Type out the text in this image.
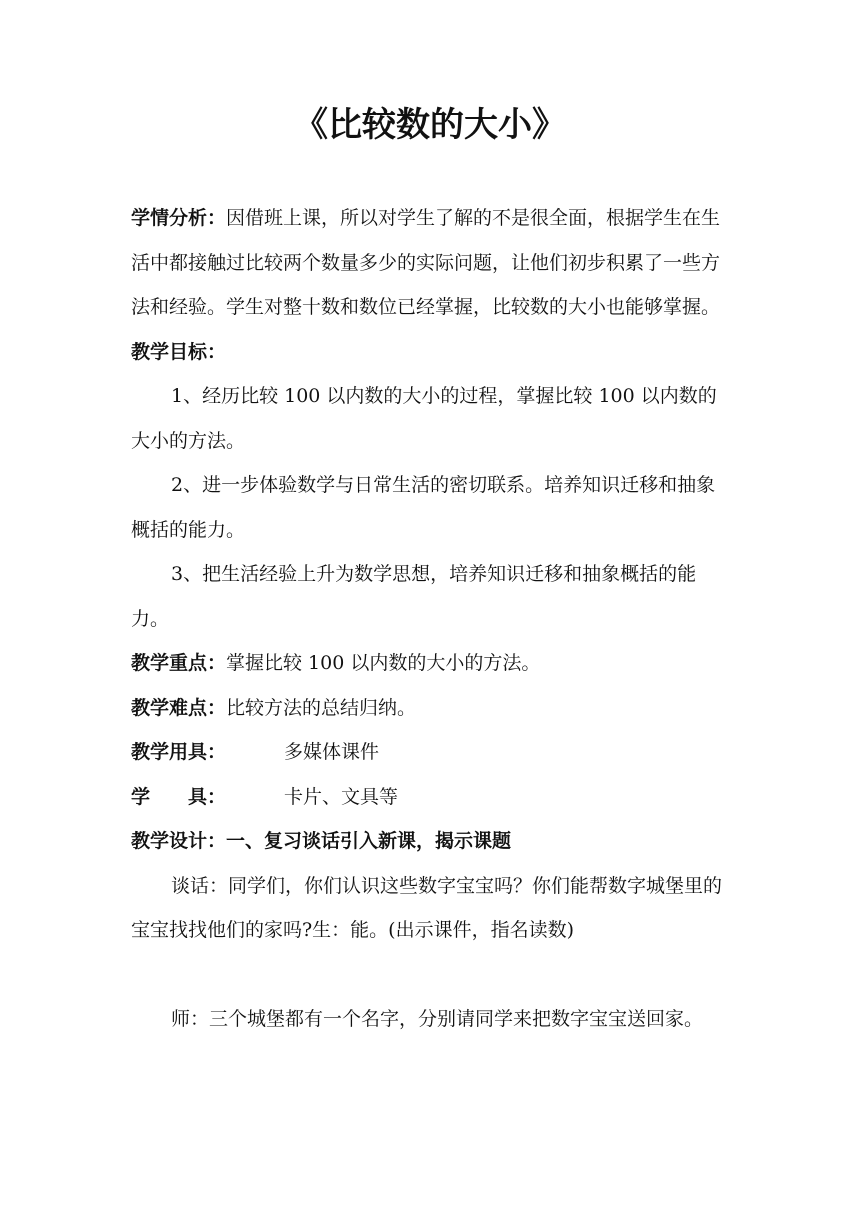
《比较数的大小》

学情分析：因借班上课，所以对学生了解的不是很全面，根据学生在生活中都接触过比较两个数量多少的实际问题，让他们初步积累了一些方法和经验。学生对整十数和数位已经掌握，比较数的大小也能够掌握。

教学目标：

1、经历比较 100 以内数的大小的过程，掌握比较 100 以内数的大小的方法。

2、进一步体验数学与日常生活的密切联系。培养知识迁移和抽象概括的能力。

3、把生活经验上升为数学思想，培养知识迁移和抽象概括的能力。

教学重点：掌握比较 100 以内数的大小的方法。

教学难点：比较方法的总结归纳。

教学用具：	多媒体课件

学　　具：	卡片、文具等

教学设计：一、复习谈话引入新课，揭示课题

谈话：同学们，你们认识这些数字宝宝吗？你们能帮数字城堡里的宝宝找找他们的家吗?生：能。(出示课件，指名读数)

师：三个城堡都有一个名字，分别请同学来把数字宝宝送回家。
